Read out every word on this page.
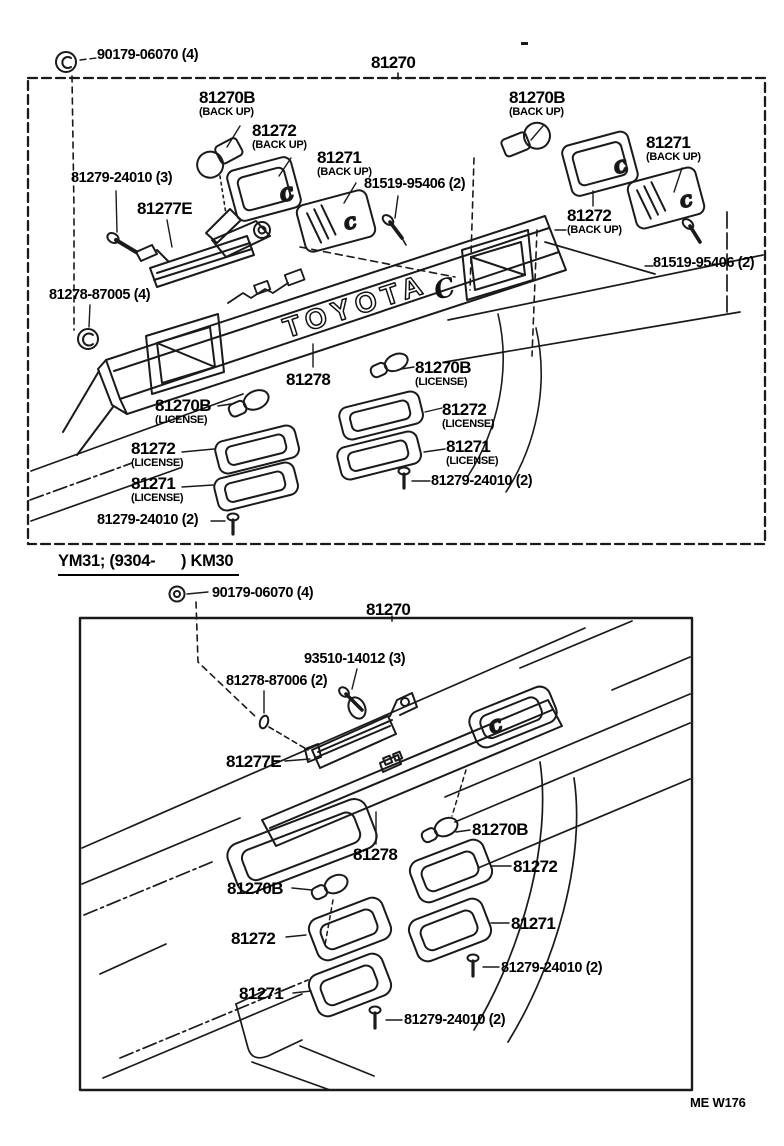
TOYOTA C
C
C
C
C
C
90179-06070 (4)	81270
81270B
(BACK UP)
81272
(BACK UP)
81271
(BACK UP)
81519-95406 (2)
81279-24010 (3)
81277E
81278-87005 (4)
81270B
(BACK UP)
81271
(BACK UP)
81272
(BACK UP)
81519-95406 (2)
81278
81270B
(LICENSE)
81270B
(LICENSE)
81272
(LICENSE)
81272
(LICENSE)
81271
(LICENSE)
81271
(LICENSE)
81279-24010 (2)
81279-24010 (2)
YM31; (9304-      ) KM30
90179-06070 (4)
81270
93510-14012 (3)
81278-87006 (2)
81277E
81278
81270B
81272
81270B
81272
81271
81271
81279-24010 (2)
81279-24010 (2)
ME W176
